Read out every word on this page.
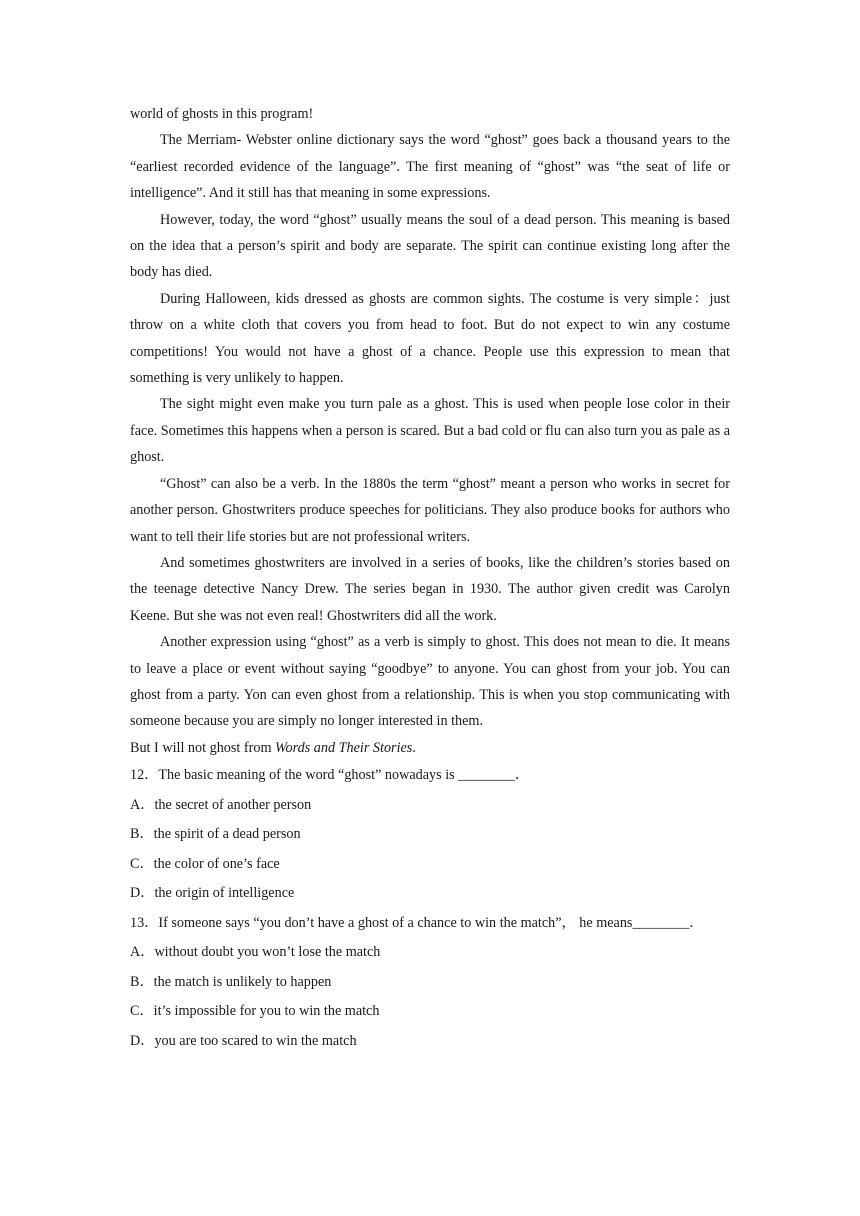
world of ghosts in this program!

The Merriam- Webster online dictionary says the word “ghost” goes back a thousand years to the “earliest recorded evidence of the language”. The first meaning of “ghost” was “the seat of life or intelligence”. And it still has that meaning in some expressions.

However, today, the word “ghost” usually means the soul of a dead person. This meaning is based on the idea that a person’s spirit and body are separate. The spirit can continue existing long after the body has died.

During Halloween, kids dressed as ghosts are common sights. The costume is very simple：just throw on a white cloth that covers you from head to foot. But do not expect to win any costume competitions! You would not have a ghost of a chance. People use this expression to mean that something is very unlikely to happen.

The sight might even make you turn pale as a ghost. This is used when people lose color in their face. Sometimes this happens when a person is scared. But a bad cold or flu can also turn you as pale as a ghost.

“Ghost” can also be a verb. In the 1880s the term “ghost” meant a person who works in secret for another person. Ghostwriters produce speeches for politicians. They also produce books for authors who want to tell their life stories but are not professional writers.

And sometimes ghostwriters are involved in a series of books, like the children’s stories based on the teenage detective Nancy Drew. The series began in 1930. The author given credit was Carolyn Keene. But she was not even real! Ghostwriters did all the work.

Another expression using “ghost” as a verb is simply to ghost. This does not mean to die. It means to leave a place or event without saying “goodbye” to anyone. You can ghost from your job. You can ghost from a party. Yon can even ghost from a relationship. This is when you stop communicating with someone because you are simply no longer interested in them.

But I will not ghost from Words and Their Stories.

12．The basic meaning of the word “ghost” nowadays is ________．

A．the secret of another person

B．the spirit of a dead person

C．the color of one’s face

D．the origin of intelligence

13．If someone says “you don’t have a ghost of a chance to win the match”， he means________．

A．without doubt you won’t lose the match

B．the match is unlikely to happen

C．it’s impossible for you to win the match

D．you are too scared to win the match
